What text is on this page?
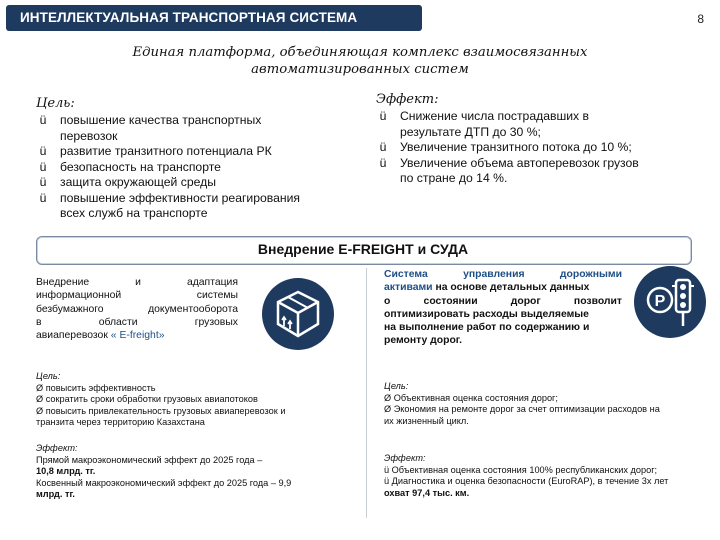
ИНТЕЛЛЕКТУАЛЬНАЯ ТРАНСПОРТНАЯ СИСТЕМА	8
Единая платформа, объединяющая комплекс взаимосвязанных
автоматизированных систем
Цель:
ü повышение качества транспортных
перевозок
ü развитие транзитного потенциала РК
ü безопасность на транспорте
ü защита окружающей среды
ü повышение эффективности реагирования
всех служб на транспорте
Эффект:
ü Снижение числа пострадавших в
результате ДТП до 30 %;
ü Увеличение транзитного потока до 10 %;
ü Увеличение объема автоперевозок грузов
по стране до 14 %.
Внедрение E-FREIGHT и СУДА
Внедрение и адаптация
информационной системы
безбумажного документооборота
в области грузовых
авиаперевозок « E-freight»
Цель:
Ø повысить эффективность
Ø сократить сроки обработки грузовых авиапотоков
Ø повысить привлекательность грузовых авиаперевозок и
транзита через территорию Казахстана
Эффект:
Прямой макроэкономический эффект до 2025 года –
10,8 млрд. тг.
Косвенный макроэкономический эффект до 2025 года – 9,9
млрд. тг.
Система управления дорожными
активами на основе детальных данных
о состоянии дорог позволит
оптимизировать расходы выделяемые
на выполнение работ по содержанию и
ремонту дорог.
P
Цель:
Ø Объективная оценка состояния дорог;
Ø Экономия на ремонте дорог за счет оптимизации расходов на
их жизненный цикл.
Эффект:
ü Объективная оценка состояния 100% республиканских дорог;
ü Диагностика и оценка безопасности (EuroRAP), в течение 3х лет
охват 97,4 тыс. км.
